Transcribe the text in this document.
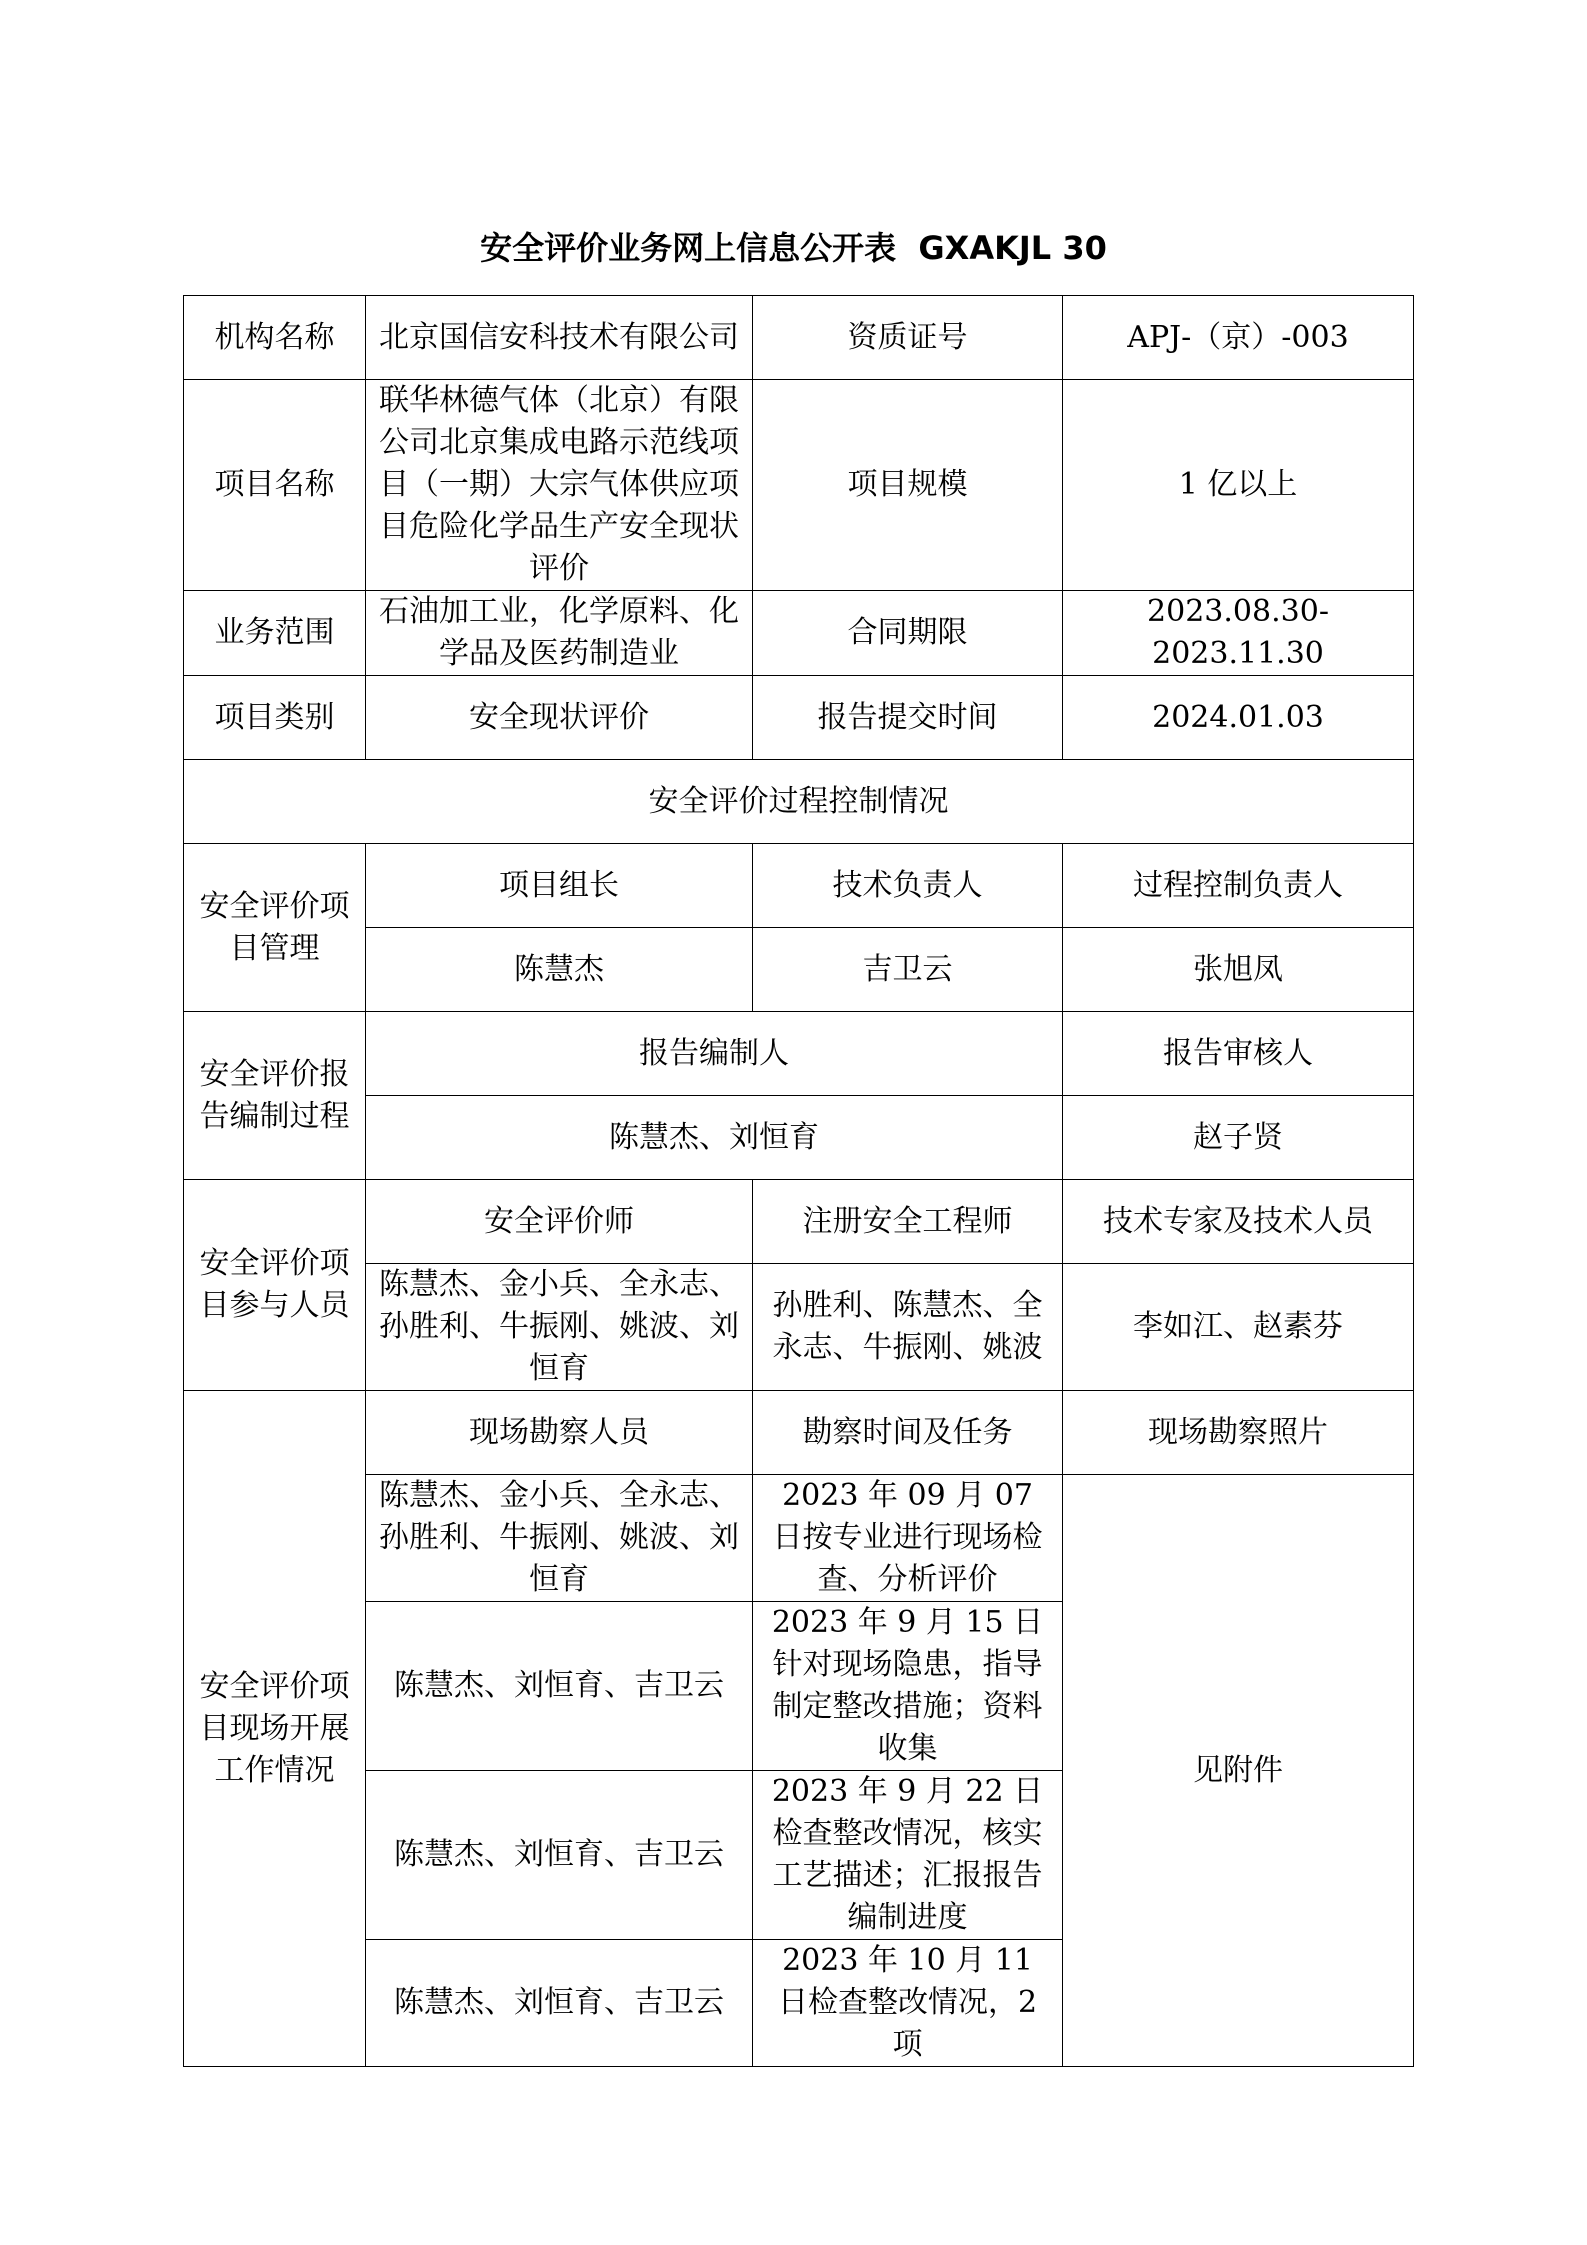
安全评价业务网上信息公开表  GXAKJL 30
机构名称	北京国信安科技术有限公司	资质证号	APJ-（京）-003
项目名称	联华林德气体（北京）有限公司北京集成电路示范线项目（一期）大宗气体供应项目危险化学品生产安全现状评价	项目规模	1 亿以上
业务范围	石油加工业，化学原料、化学品及医药制造业	合同期限	2023.08.30-2023.11.30
项目类别	安全现状评价	报告提交时间	2024.01.03
安全评价过程控制情况			
安全评价项目管理	项目组长	技术负责人	过程控制负责人
	陈慧杰	吉卫云	张旭凤
安全评价报告编制过程	报告编制人		报告审核人
	陈慧杰、刘恒育		赵子贤
安全评价项目参与人员	安全评价师	注册安全工程师	技术专家及技术人员
	陈慧杰、金小兵、全永志、孙胜利、牛振刚、姚波、刘恒育	孙胜利、陈慧杰、全永志、牛振刚、姚波	李如江、赵素芬
安全评价项目现场开展工作情况	现场勘察人员	勘察时间及任务	现场勘察照片
	陈慧杰、金小兵、全永志、孙胜利、牛振刚、姚波、刘恒育	2023 年 09 月 07 日按专业进行现场检查、分析评价	见附件
	陈慧杰、刘恒育、吉卫云	2023 年 9 月 15 日针对现场隐患，指导制定整改措施；资料收集	
	陈慧杰、刘恒育、吉卫云	2023 年 9 月 22 日检查整改情况，核实工艺描述；汇报报告编制进度	
	陈慧杰、刘恒育、吉卫云	2023 年 10 月 11 日检查整改情况，2 项	
